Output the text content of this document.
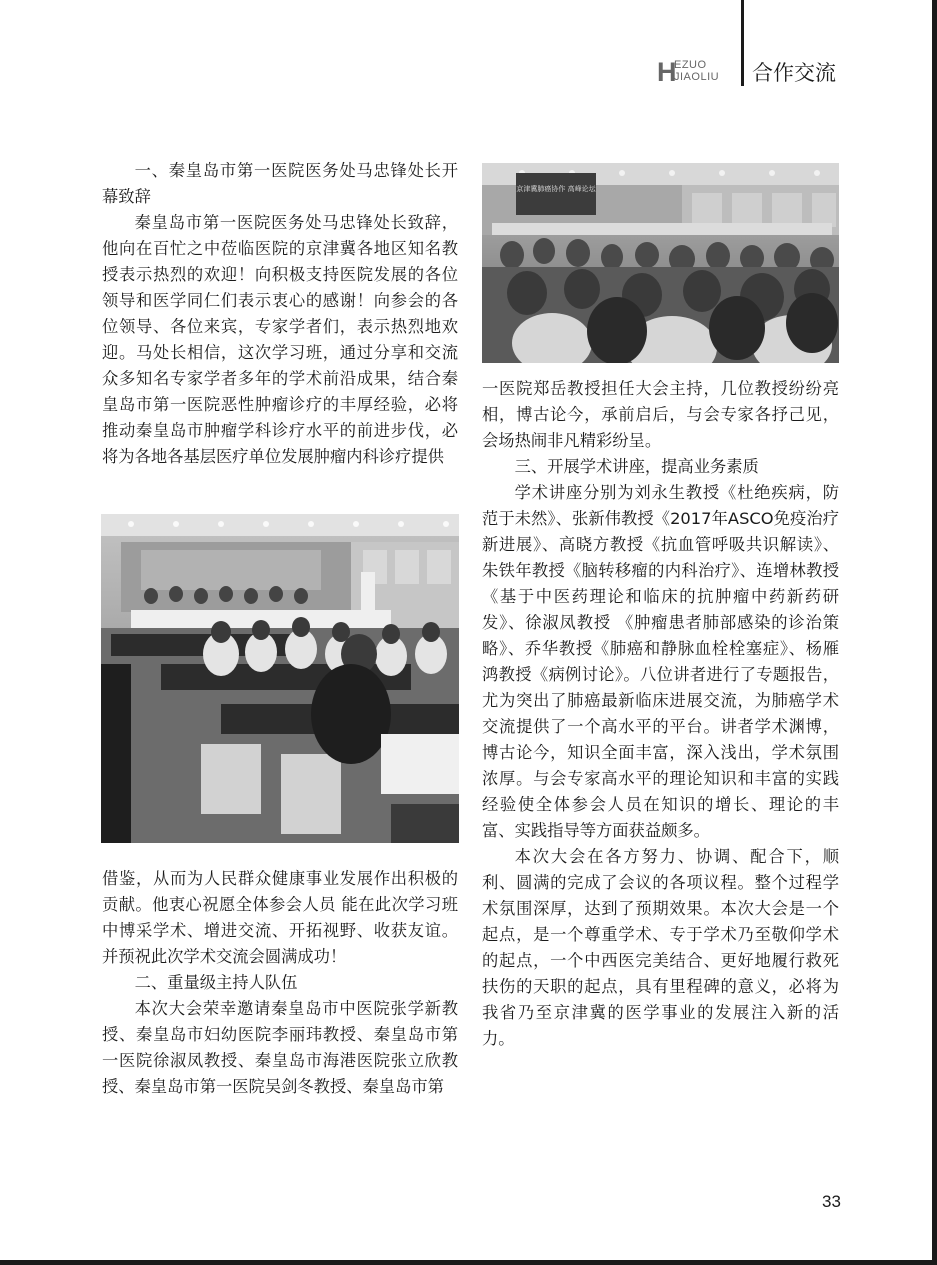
H
EZUO
JIAOLIU 合作交流

一、秦皇岛市第一医院医务处马忠锋处长开幕致辞

秦皇岛市第一医院医务处马忠锋处长致辞，他向在百忙之中莅临医院的京津冀各地区知名教授表示热烈的欢迎！向积极支持医院发展的各位领导和医学同仁们表示衷心的感谢！向参会的各位领导、各位来宾，专家学者们，表示热烈地欢迎。马处长相信，这次学习班，通过分享和交流众多知名专家学者多年的学术前沿成果，结合秦皇岛市第一医院恶性肿瘤诊疗的丰厚经验，必将推动秦皇岛市肿瘤学科诊疗水平的前进步伐，必将为各地各基层医疗单位发展肿瘤内科诊疗提供

京津冀肺癌协作 高峰论坛

一医院郑岳教授担任大会主持，几位教授纷纷亮相，博古论今，承前启后，与会专家各抒己见，会场热闹非凡精彩纷呈。

三、开展学术讲座，提高业务素质

学术讲座分别为刘永生教授《杜绝疾病，防范于未然》、张新伟教授《2017年ASCO免疫治疗新进展》、高晓方教授《抗血管呼吸共识解读》、朱铁年教授《脑转移瘤的内科治疗》、连增林教授《基于中医药理论和临床的抗肿瘤中药新药研发》、徐淑凤教授 《肿瘤患者肺部感染的诊治策略》、乔华教授《肺癌和静脉血栓栓塞症》、杨雁鸿教授《病例讨论》。八位讲者进行了专题报告，尤为突出了肺癌最新临床进展交流，为肺癌学术交流提供了一个高水平的平台。讲者学术渊博，博古论今，知识全面丰富，深入浅出，学术氛围浓厚。与会专家高水平的理论知识和丰富的实践经验使全体参会人员在知识的增长、理论的丰富、实践指导等方面获益颇多。

本次大会在各方努力、协调、配合下，顺利、圆满的完成了会议的各项议程。整个过程学术氛围深厚，达到了预期效果。本次大会是一个起点，是一个尊重学术、专于学术乃至敬仰学术的起点，一个中西医完美结合、更好地履行救死扶伤的天职的起点，具有里程碑的意义，必将为我省乃至京津冀的医学事业的发展注入新的活力。

借鉴，从而为人民群众健康事业发展作出积极的贡献。他衷心祝愿全体参会人员 能在此次学习班中博采学术、增进交流、开拓视野、收获友谊。并预祝此次学术交流会圆满成功！

二、重量级主持人队伍

本次大会荣幸邀请秦皇岛市中医院张学新教授、秦皇岛市妇幼医院李丽玮教授、秦皇岛市第一医院徐淑凤教授、秦皇岛市海港医院张立欣教授、秦皇岛市第一医院吴剑冬教授、秦皇岛市第

33
